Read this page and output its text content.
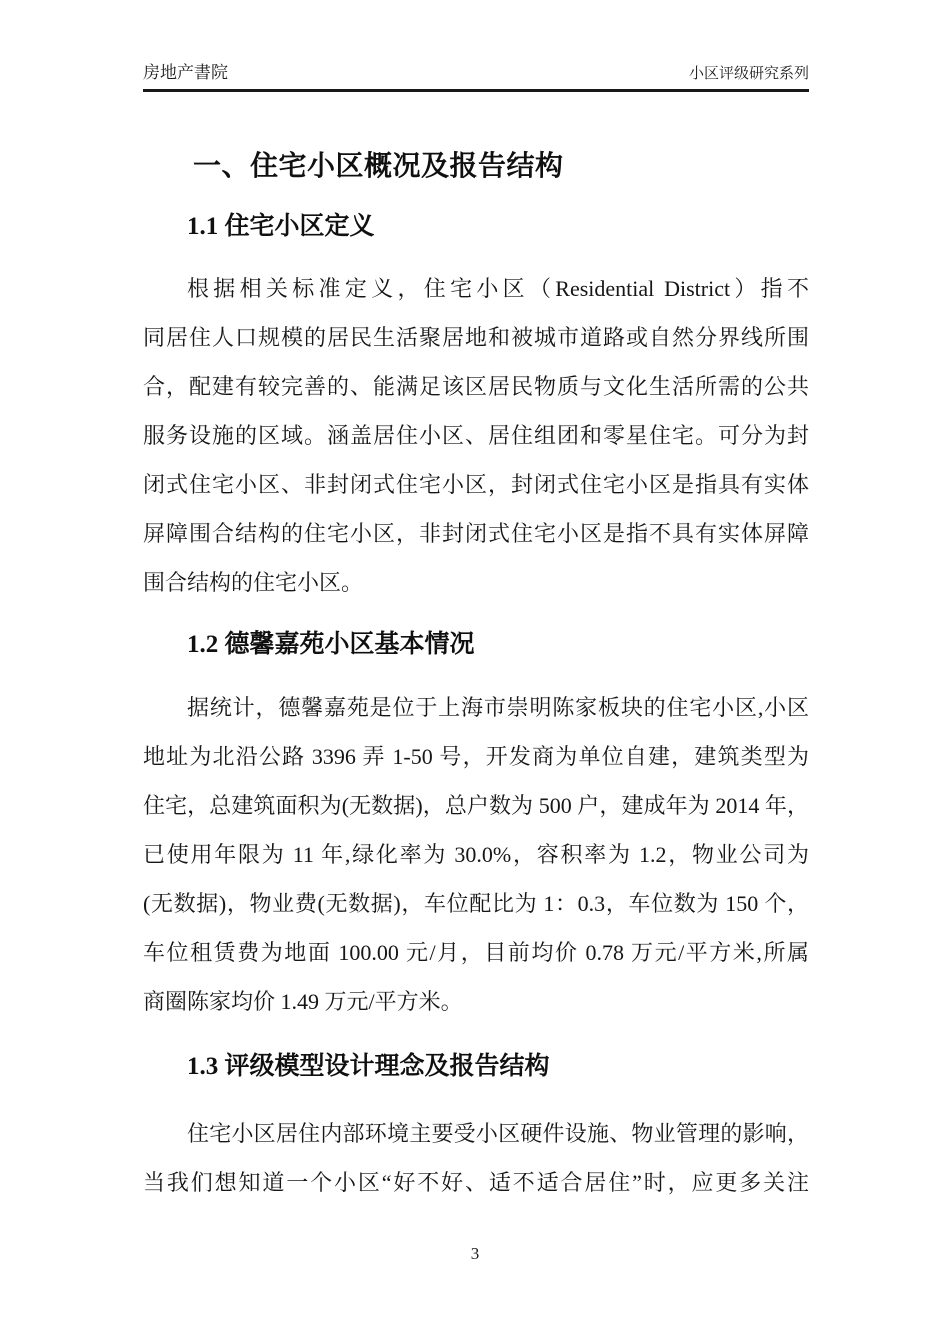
房地产書院	小区评级研究系列
一、住宅小区概况及报告结构
1.1 住宅小区定义
根据相关标准定义，住宅小区（Residential District）指不
同居住人口规模的居民生活聚居地和被城市道路或自然分界线所围
合，配建有较完善的、能满足该区居民物质与文化生活所需的公共
服务设施的区域。涵盖居住小区、居住组团和零星住宅。可分为封
闭式住宅小区、非封闭式住宅小区，封闭式住宅小区是指具有实体
屏障围合结构的住宅小区，非封闭式住宅小区是指不具有实体屏障
围合结构的住宅小区。
1.2 德馨嘉苑小区基本情况
据统计，德馨嘉苑是位于上海市崇明陈家板块的住宅小区,小区
地址为北沿公路 3396 弄 1-50 号，开发商为单位自建，建筑类型为
住宅，总建筑面积为(无数据)，总户数为 500 户，建成年为 2014 年，
已使用年限为 11 年,绿化率为 30.0%，容积率为 1.2，物业公司为
(无数据)，物业费(无数据)，车位配比为 1：0.3，车位数为 150 个，
车位租赁费为地面 100.00 元/月，目前均价 0.78 万元/平方米,所属
商圈陈家均价 1.49 万元/平方米。
1.3 评级模型设计理念及报告结构
住宅小区居住内部环境主要受小区硬件设施、物业管理的影响，
当我们想知道一个小区“好不好、适不适合居住”时，应更多关注
3
